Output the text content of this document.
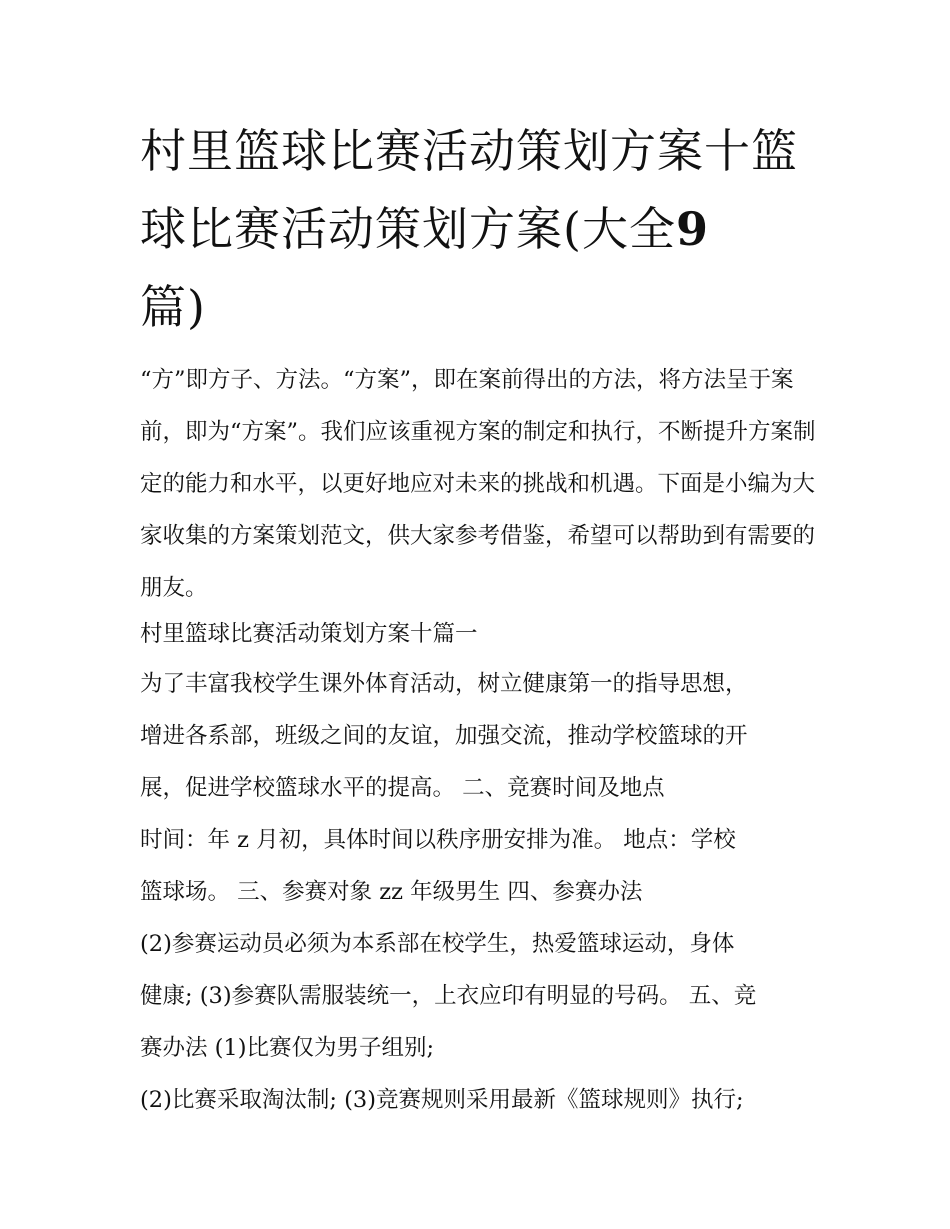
村里篮球比赛活动策划方案十篮球比赛活动策划方案(大全9
篇)

“方”即方子、方法。“方案”，即在案前得出的方法，将方法呈于案前，即为“方案”。我们应该重视方案的制定和执行，不断提升方案制定的能力和水平，以更好地应对未来的挑战和机遇。下面是小编为大家收集的方案策划范文，供大家参考借鉴，希望可以帮助到有需要的朋友。

村里篮球比赛活动策划方案十篇一

为了丰富我校学生课外体育活动，树立健康第一的指导思想，
增进各系部，班级之间的友谊，加强交流，推动学校篮球的开
展，促进学校篮球水平的提高。 二、竞赛时间及地点
时间：年 z 月初，具体时间以秩序册安排为准。 地点：学校
篮球场。 三、参赛对象 zz 年级男生 四、参赛办法
(2)参赛运动员必须为本系部在校学生，热爱篮球运动，身体
健康; (3)参赛队需服装统一，上衣应印有明显的号码。 五、竞
赛办法 (1)比赛仅为男子组别;
(2)比赛采取淘汰制; (3)竞赛规则采用最新《篮球规则》执行;
